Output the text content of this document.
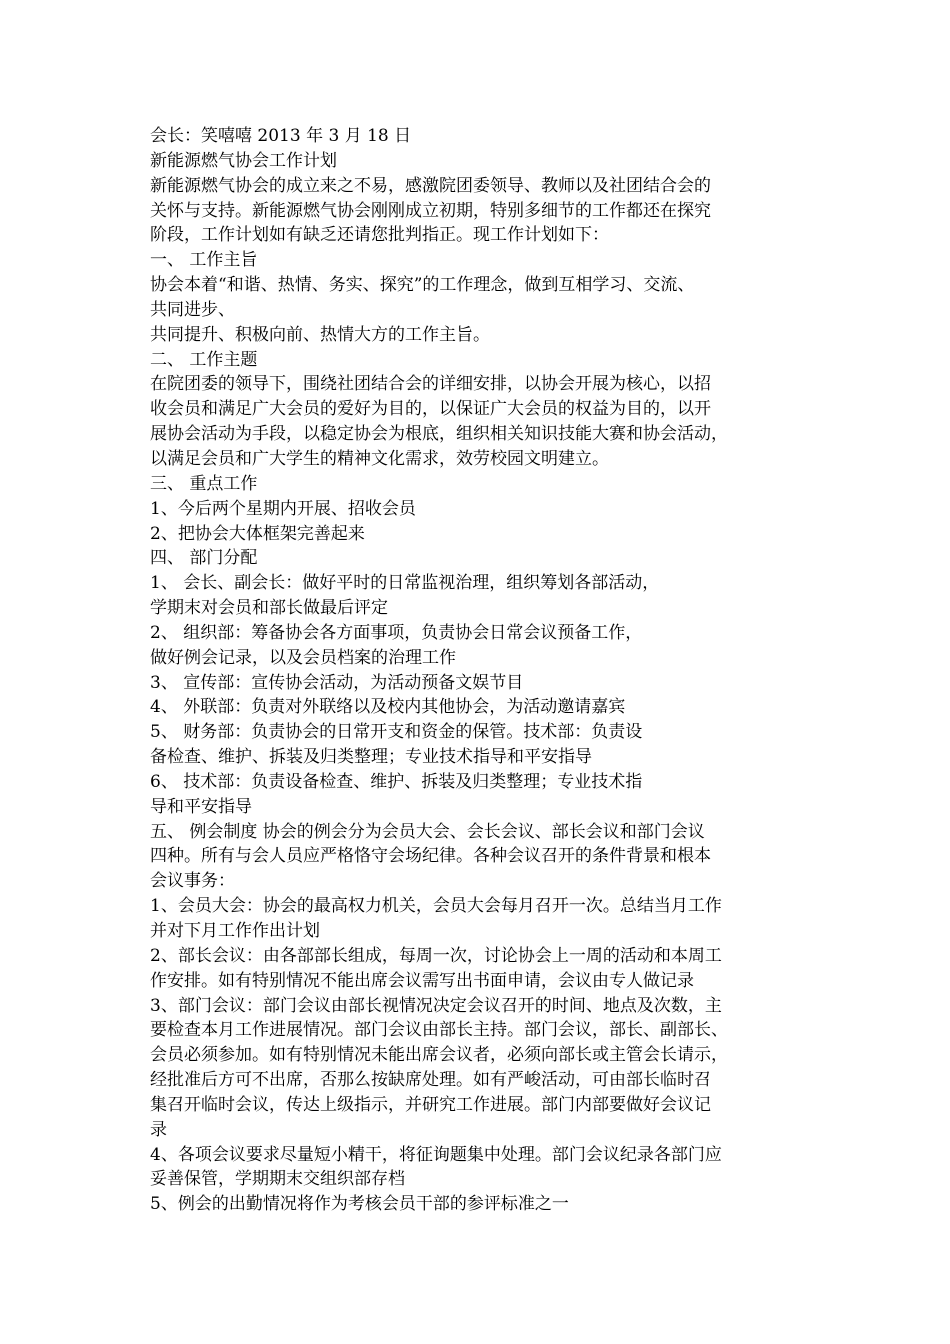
会长：笑嘻嘻 2013 年 3 月 18 日
新能源燃气协会工作计划
新能源燃气协会的成立来之不易，感激院团委领导、教师以及社团结合会的
关怀与支持。新能源燃气协会刚刚成立初期，特别多细节的工作都还在探究
阶段，工作计划如有缺乏还请您批判指正。现工作计划如下：
一、 工作主旨
协会本着“和谐、热情、务实、探究”的工作理念，做到互相学习、交流、
共同进步、
共同提升、积极向前、热情大方的工作主旨。
二、 工作主题
在院团委的领导下，围绕社团结合会的详细安排，以协会开展为核心，以招
收会员和满足广大会员的爱好为目的，以保证广大会员的权益为目的，以开
展协会活动为手段，以稳定协会为根底，组织相关知识技能大赛和协会活动，
以满足会员和广大学生的精神文化需求，效劳校园文明建立。
三、 重点工作
1、今后两个星期内开展、招收会员
2、把协会大体框架完善起来
四、 部门分配
1、 会长、副会长：做好平时的日常监视治理，组织筹划各部活动，
学期末对会员和部长做最后评定
2、 组织部：筹备协会各方面事项，负责协会日常会议预备工作，
做好例会记录，以及会员档案的治理工作
3、 宣传部：宣传协会活动，为活动预备文娱节目
4、 外联部：负责对外联络以及校内其他协会，为活动邀请嘉宾
5、 财务部：负责协会的日常开支和资金的保管。技术部：负责设
备检查、维护、拆装及归类整理；专业技术指导和平安指导
6、 技术部：负责设备检查、维护、拆装及归类整理；专业技术指
导和平安指导
五、 例会制度 协会的例会分为会员大会、会长会议、部长会议和部门会议
四种。所有与会人员应严格恪守会场纪律。各种会议召开的条件背景和根本
会议事务：
1、会员大会：协会的最高权力机关，会员大会每月召开一次。总结当月工作
并对下月工作作出计划
2、部长会议：由各部部长组成，每周一次，讨论协会上一周的活动和本周工
作安排。如有特别情况不能出席会议需写出书面申请，会议由专人做记录
3、部门会议：部门会议由部长视情况决定会议召开的时间、地点及次数，主
要检查本月工作进展情况。部门会议由部长主持。部门会议，部长、副部长、
会员必须参加。如有特别情况未能出席会议者，必须向部长或主管会长请示，
经批准后方可不出席，否那么按缺席处理。如有严峻活动，可由部长临时召
集召开临时会议，传达上级指示，并研究工作进展。部门内部要做好会议记
录
4、各项会议要求尽量短小精干，将征询题集中处理。部门会议纪录各部门应
妥善保管，学期期末交组织部存档
5、例会的出勤情况将作为考核会员干部的参评标准之一
